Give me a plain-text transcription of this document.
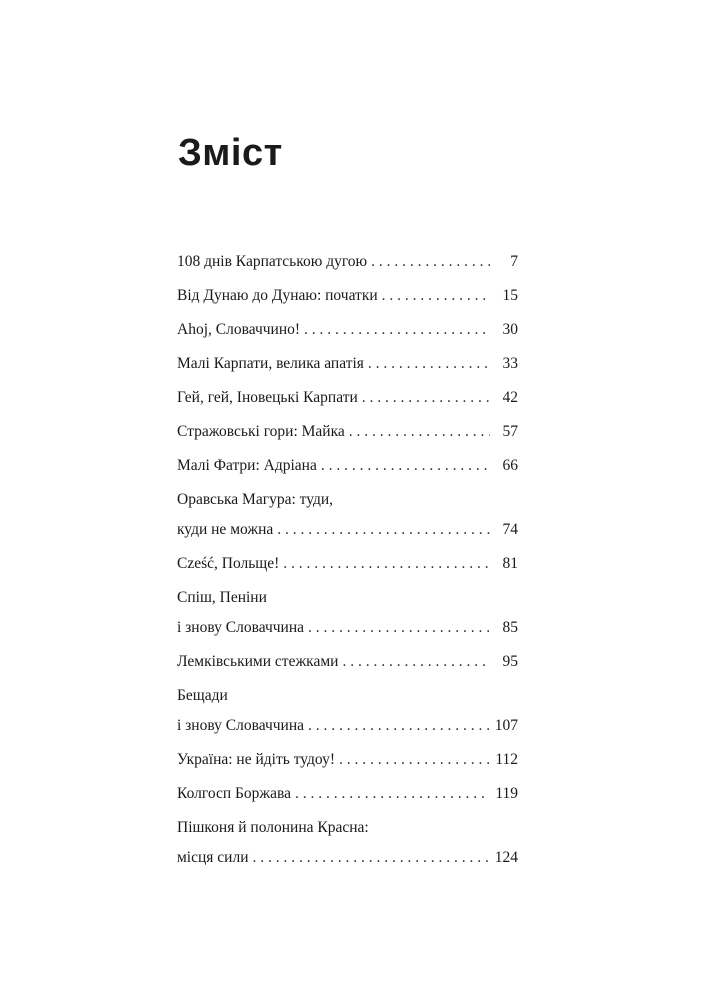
Зміст
108 днів Карпатською дугою . . .	7
Від Дунаю до Дунаю: початки . . .	15
Ahoj, Словаччино! . . .	30
Малі Карпати, велика апатія . . .	33
Гей, гей, Іновецькі Карпати . . .	42
Стражовські гори: Майка . . .	57
Малі Фатри: Адріана . . .	66
Оравська Магура: туди,
куди не можна . . .	74
Cześć, Польще! . . .	81
Спіш, Пеніни
і знову Словаччина . . .	85
Лемківськими стежками . . .	95
Бещади
і знову Словаччина . . .	107
Україна: не йдіть тудоу! . . .	112
Колгосп Боржава . . .	119
Пішконя й полонина Красна:
місця сили . . .	124
